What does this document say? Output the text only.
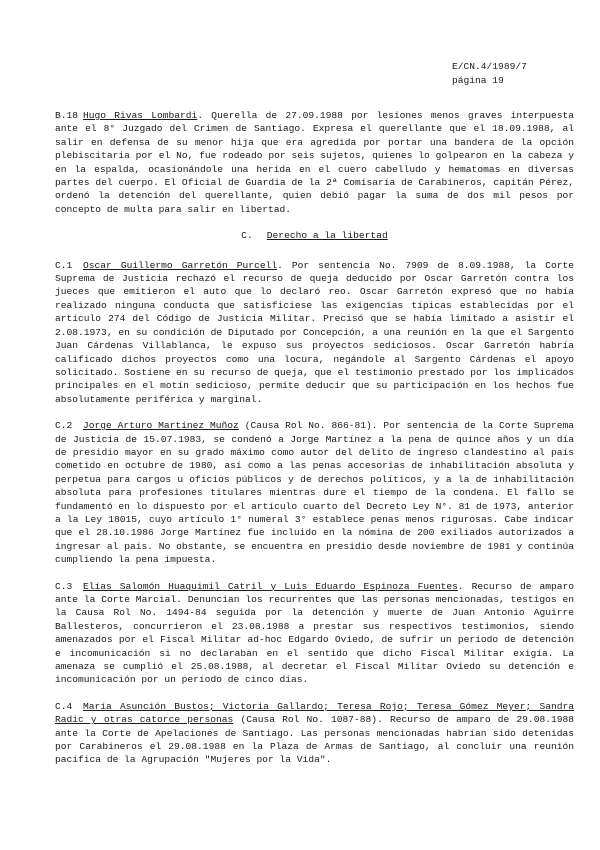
E/CN.4/1989/7
página 19

B.18 Hugo Rivas Lombardi. Querella de 27.09.1988 por lesiones menos graves interpuesta ante el 8° Juzgado del Crimen de Santiago. Expresa el querellante que el 18.09.1988, al salir en defensa de su menor hija que era agredida por portar una bandera de la opción plebiscitaria por el No, fue rodeado por seis sujetos, quienes lo golpearon en la cabeza y en la espalda, ocasionándole una herida en el cuero cabelludo y hematomas en diversas partes del cuerpo. El Oficial de Guardia de la 2ª Comisaría de Carabineros, capitán Pérez, ordenó la detención del querellante, quien debió pagar la suma de dos mil pesos por concepto de multa para salir en libertad.

C. Derecho a la libertad

C.1 Oscar Guillermo Garretón Purcell. Por sentencia No. 7909 de 8.09.1988, la Corte Suprema de Justicia rechazó el recurso de queja deducido por Oscar Garretón contra los jueces que emitieron el auto que lo declaró reo. Oscar Garretón expresó que no había realizado ninguna conducta que satisficiese las exigencias típicas establecidas por el artículo 274 del Código de Justicia Militar. Precisó que se había limitado a asistir el 2.08.1973, en su condición de Diputado por Concepción, a una reunión en la que el Sargento Juan Cárdenas Villablanca, le expuso sus proyectos sediciosos. Oscar Garretón habría calificado dichos proyectos como una locura, negándole al Sargento Cárdenas el apoyo solicitado. Sostiene en su recurso de queja, que el testimonio prestado por los implicados principales en el motín sedicioso, permite deducir que su participación en los hechos fue absolutamente periférica y marginal.

C.2 Jorge Arturo Martínez Muñoz (Causa Rol No. 866-81). Por sentencia de la Corte Suprema de Justicia de 15.07.1983, se condenó a Jorge Martínez a la pena de quince años y un día de presidio mayor en su grado máximo como autor del delito de ingreso clandestino al país cometido en octubre de 1980, así como a las penas accesorias de inhabilitación absoluta y perpetua para cargos u oficios públicos y de derechos políticos, y a la de inhabilitación absoluta para profesiones titulares mientras dure el tiempo de la condena. El fallo se fundamentó en lo dispuesto por el artículo cuarto del Decreto Ley N°. 81 de 1973, anterior a la Ley 18015, cuyo artículo 1° numeral 3° establece penas menos rigurosas. Cabe indicar que el 28.10.1986 Jorge Martínez fue incluido en la nómina de 200 exiliados autorizados a ingresar al país. No obstante, se encuentra en presidio desde noviembre de 1981 y continúa cumpliendo la pena impuesta.

C.3 Elías Salomón Huaquimil Catril y Luis Eduardo Espinoza Fuentes. Recurso de amparo ante la Corte Marcial. Denuncian los recurrentes que las personas mencionadas, testigos en la Causa Rol No. 1494-84 seguida por la detención y muerte de Juan Antonio Aguirre Ballesteros, concurrieron el 23.08.1988 a prestar sus respectivos testimonios, siendo amenazados por el Fiscal Militar ad-hoc Edgardo Oviedo, de sufrir un período de detención e incomunicación si no declaraban en el sentido que dicho Fiscal Militar exigía. La amenaza se cumplió el 25.08.1988, al decretar el Fiscal Militar Oviedo su detención e incomunicación por un período de cinco días.

C.4 María Asunción Bustos; Victoria Gallardo; Teresa Rojo; Teresa Gómez Meyer; Sandra Radic y otras catorce personas (Causa Rol No. 1087-88). Recurso de amparo de 29.08.1988 ante la Corte de Apelaciones de Santiago. Las personas mencionadas habrían sido detenidas por Carabineros el 29.08.1988 en la Plaza de Armas de Santiago, al concluir una reunión pacífica de la Agrupación "Mujeres por la Vida".
